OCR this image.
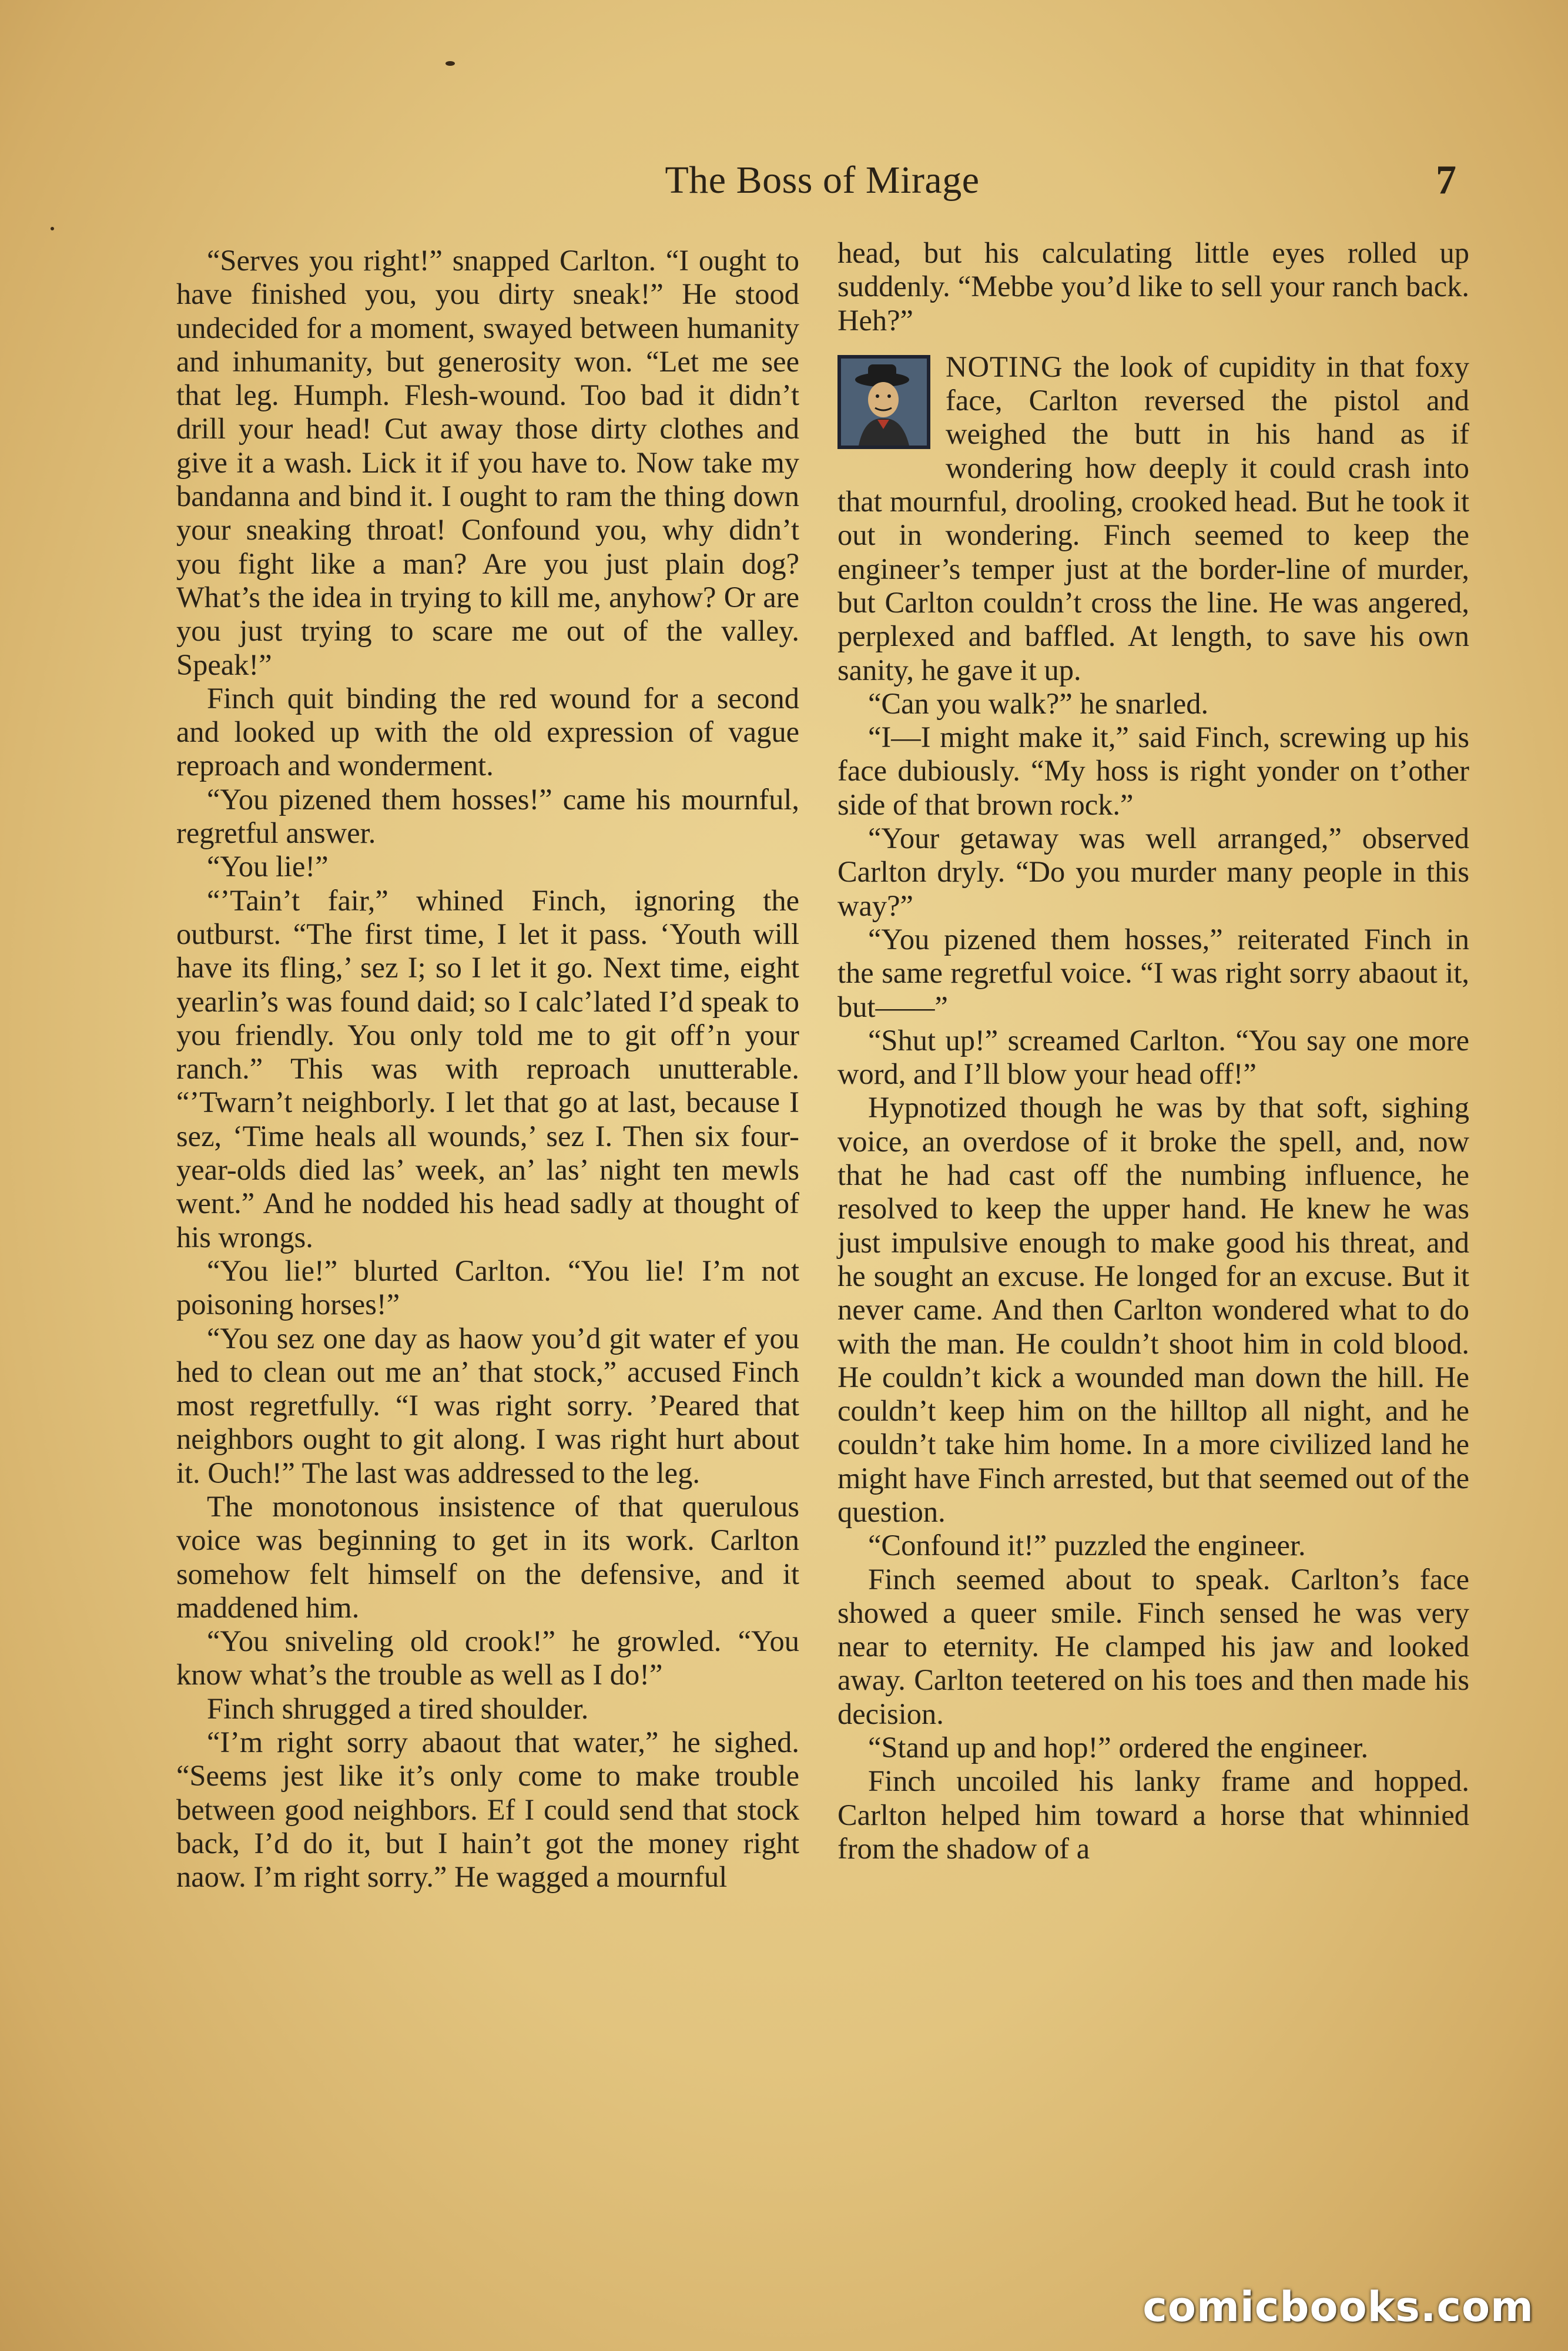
The Boss of Mirage	7

“Serves you right!” snapped Carlton. “I ought to have finished you, you dirty sneak!” He stood undecided for a moment, swayed between humanity and inhumanity, but generosity won. “Let me see that leg. Humph. Flesh-wound. Too bad it didn’t drill your head! Cut away those dirty clothes and give it a wash. Lick it if you have to. Now take my bandanna and bind it. I ought to ram the thing down your sneaking throat! Confound you, why didn’t you fight like a man? Are you just plain dog? What’s the idea in trying to kill me, anyhow? Or are you just trying to scare me out of the valley. Speak!”

Finch quit binding the red wound for a second and looked up with the old expression of vague reproach and wonderment.

“You pizened them hosses!” came his mournful, regretful answer.

“You lie!”

“’Tain’t fair,” whined Finch, ignoring the outburst. “The first time, I let it pass. ‘Youth will have its fling,’ sez I; so I let it go. Next time, eight yearlin’s was found daid; so I calc’lated I’d speak to you friendly. You only told me to git off’n your ranch.” This was with reproach unutterable. “’Twarn’t neighborly. I let that go at last, because I sez, ‘Time heals all wounds,’ sez I. Then six four-year-olds died las’ week, an’ las’ night ten mewls went.” And he nodded his head sadly at thought of his wrongs.

“You lie!” blurted Carlton. “You lie! I’m not poisoning horses!”

“You sez one day as haow you’d git water ef you hed to clean out me an’ that stock,” accused Finch most regretfully. “I was right sorry. ’Peared that neighbors ought to git along. I was right hurt about it. Ouch!” The last was addressed to the leg.

The monotonous insistence of that querulous voice was beginning to get in its work. Carlton somehow felt himself on the defensive, and it maddened him.

“You sniveling old crook!” he growled. “You know what’s the trouble as well as I do!”

Finch shrugged a tired shoulder.

“I’m right sorry abaout that water,” he sighed. “Seems jest like it’s only come to make trouble between good neighbors. Ef I could send that stock back, I’d do it, but I hain’t got the money right naow. I’m right sorry.” He wagged a mournful

head, but his calculating little eyes rolled up suddenly. “Mebbe you’d like to sell your ranch back. Heh?”

NOTING the look of cupidity in that foxy face, Carlton reversed the pistol and weighed the butt in his hand as if wondering how deeply it could crash into that mournful, drooling, crooked head. But he took it out in wondering. Finch seemed to keep the engineer’s temper just at the border-line of murder, but Carlton couldn’t cross the line. He was angered, perplexed and baffled. At length, to save his own sanity, he gave it up.

“Can you walk?” he snarled.

“I—I might make it,” said Finch, screwing up his face dubiously. “My hoss is right yonder on t’other side of that brown rock.”

“Your getaway was well arranged,” observed Carlton dryly. “Do you murder many people in this way?”

“You pizened them hosses,” reiterated Finch in the same regretful voice. “I was right sorry abaout it, but——”

“Shut up!” screamed Carlton. “You say one more word, and I’ll blow your head off!”

Hypnotized though he was by that soft, sighing voice, an overdose of it broke the spell, and, now that he had cast off the numbing influence, he resolved to keep the upper hand. He knew he was just impulsive enough to make good his threat, and he sought an excuse. He longed for an excuse. But it never came. And then Carlton wondered what to do with the man. He couldn’t shoot him in cold blood. He couldn’t kick a wounded man down the hill. He couldn’t keep him on the hilltop all night, and he couldn’t take him home. In a more civilized land he might have Finch arrested, but that seemed out of the question.

“Confound it!” puzzled the engineer.

Finch seemed about to speak. Carlton’s face showed a queer smile. Finch sensed he was very near to eternity. He clamped his jaw and looked away. Carlton teetered on his toes and then made his decision.

“Stand up and hop!” ordered the engineer.

Finch uncoiled his lanky frame and hopped. Carlton helped him toward a horse that whinnied from the shadow of a

comicbooks.com
